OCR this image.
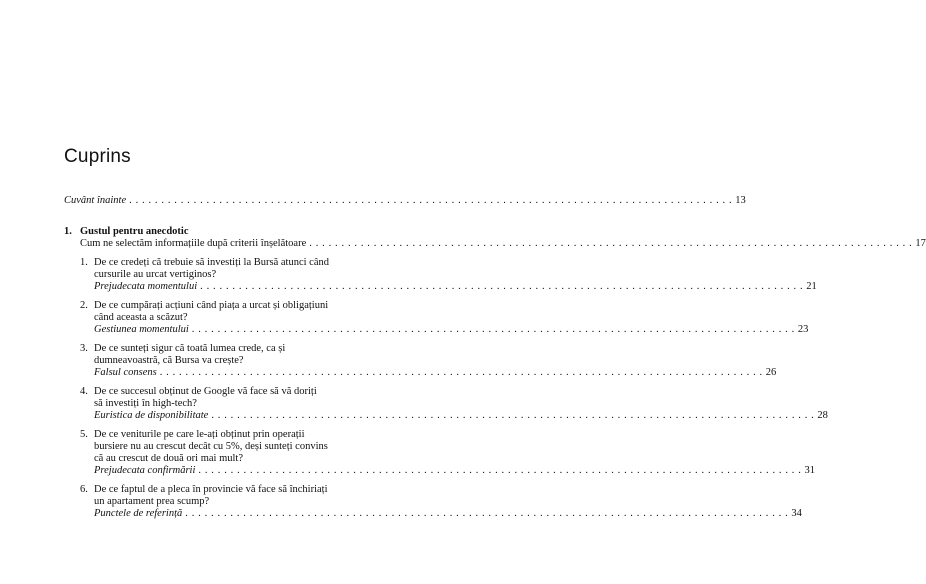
Cuprins
Cuvânt înainte . . .	13
1. Gustul pentru anecdotic
Cum ne selectăm informațiile după criterii înșelătoare . . .	17
1. De ce credeți că trebuie să investiți la Bursă atunci când
cursurile au urcat vertiginos?
Prejudecata momentului . . .	21
2. De ce cumpărați acțiuni când piața a urcat și obligațiuni
când aceasta a scăzut?
Gestiunea momentului . . .	23
3. De ce sunteți sigur că toată lumea crede, ca și
dumneavoastră, că Bursa va crește?
Falsul consens . . .	26
4. De ce succesul obținut de Google vă face să vă doriți
să investiți în high-tech?
Euristica de disponibilitate . . .	28
5. De ce veniturile pe care le-ați obținut prin operații
bursiere nu au crescut decât cu 5%, deși sunteți convins
că au crescut de două ori mai mult?
Prejudecata confirmării . . .	31
6. De ce faptul de a pleca în provincie vă face să închiriați
un apartament prea scump?
Punctele de referință . . .	34
